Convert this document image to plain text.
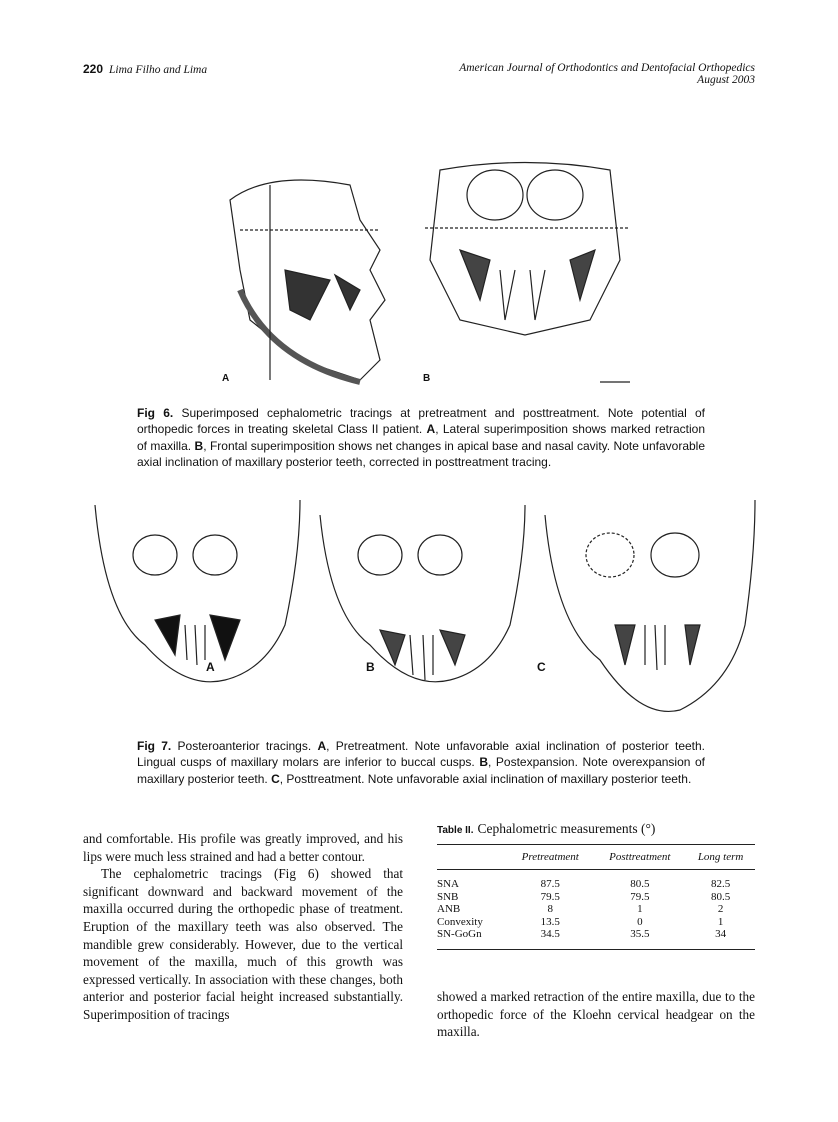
220 Lima Filho and Lima	American Journal of Orthodontics and Dentofacial Orthopedics
August 2003
A	B
Fig 6. Superimposed cephalometric tracings at pretreatment and posttreatment. Note potential of orthopedic forces in treating skeletal Class II patient. A, Lateral superimposition shows marked retraction of maxilla. B, Frontal superimposition shows net changes in apical base and nasal cavity. Note unfavorable axial inclination of maxillary posterior teeth, corrected in posttreatment tracing.
A	B	C
Fig 7. Posteroanterior tracings. A, Pretreatment. Note unfavorable axial inclination of posterior teeth. Lingual cusps of maxillary molars are inferior to buccal cusps. B, Postexpansion. Note overexpansion of maxillary posterior teeth. C, Posttreatment. Note unfavorable axial inclination of maxillary posterior teeth.

and comfortable. His profile was greatly improved, and his lips were much less strained and had a better contour.

The cephalometric tracings (Fig 6) showed that significant downward and backward movement of the maxilla occurred during the orthopedic phase of treatment. Eruption of the maxillary teeth was also observed. The mandible grew considerably. However, due to the vertical movement of the maxilla, much of this growth was expressed vertically. In association with these changes, both anterior and posterior facial height increased substantially. Superimposition of tracings

Table II. Cephalometric measurements (°)
	Pretreatment	Posttreatment	Long term
SNA	87.5	80.5	82.5
SNB	79.5	79.5	80.5
ANB	8	1	2
Convexity	13.5	0	1
SN-GoGn	34.5	35.5	34

showed a marked retraction of the entire maxilla, due to the orthopedic force of the Kloehn cervical headgear on the maxilla.
